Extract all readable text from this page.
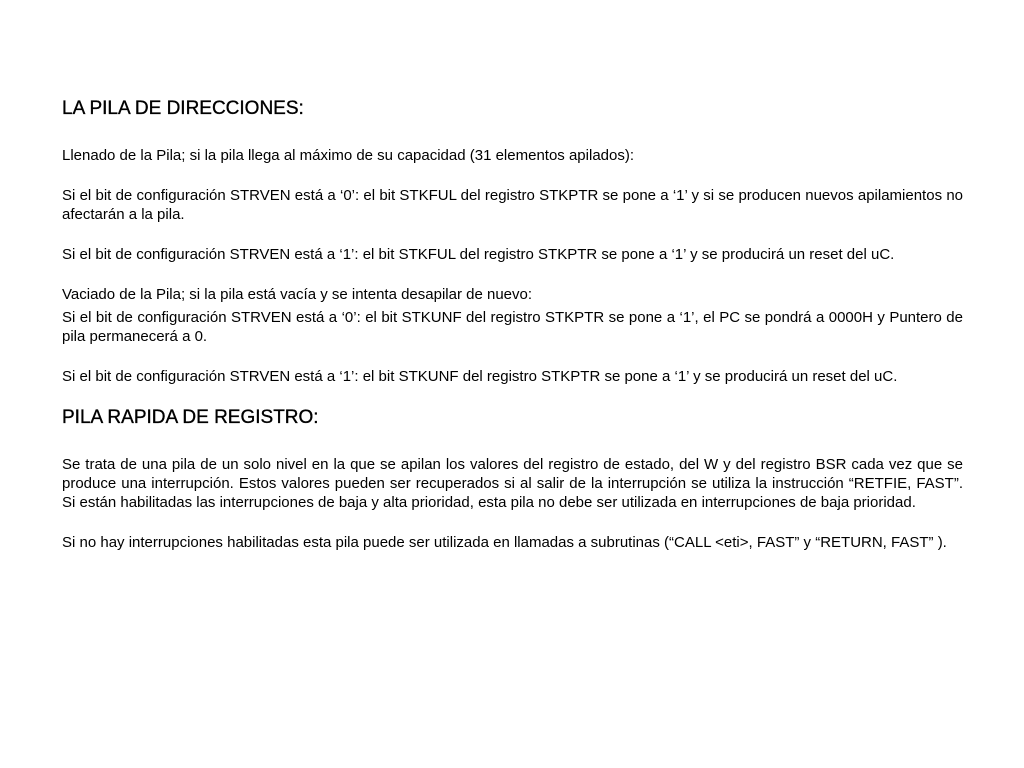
LA PILA DE DIRECCIONES:

Llenado de la Pila; si la pila llega al máximo de su capacidad (31 elementos apilados):

Si el bit de configuración STRVEN está a ‘0’: el bit STKFUL del registro STKPTR se pone a ‘1’ y si se producen nuevos apilamientos no afectarán a la pila.

Si el bit de configuración STRVEN está a ‘1’: el bit STKFUL del registro STKPTR se pone a ‘1’ y se producirá un reset del uC.

Vaciado de la Pila; si la pila está vacía y se intenta desapilar de nuevo:

Si el bit de configuración STRVEN está a ‘0’: el bit STKUNF del registro STKPTR se pone a ‘1’, el PC se pondrá a 0000H y Puntero de pila permanecerá a 0.

Si el bit de configuración STRVEN está a ‘1’: el bit STKUNF del registro STKPTR se pone a ‘1’ y se producirá un reset del uC.

PILA RAPIDA DE REGISTRO:

Se trata de una pila de un solo nivel en la que se apilan los valores del registro de estado, del W y del registro BSR cada vez que se produce una interrupción. Estos valores pueden ser recuperados si al salir de la interrupción se utiliza la instrucción “RETFIE, FAST”. Si están habilitadas las interrupciones de baja y alta prioridad, esta pila no debe ser utilizada en interrupciones de baja prioridad.

Si no hay interrupciones habilitadas esta pila puede ser utilizada en llamadas a subrutinas (“CALL <eti>, FAST” y “RETURN, FAST” ).
